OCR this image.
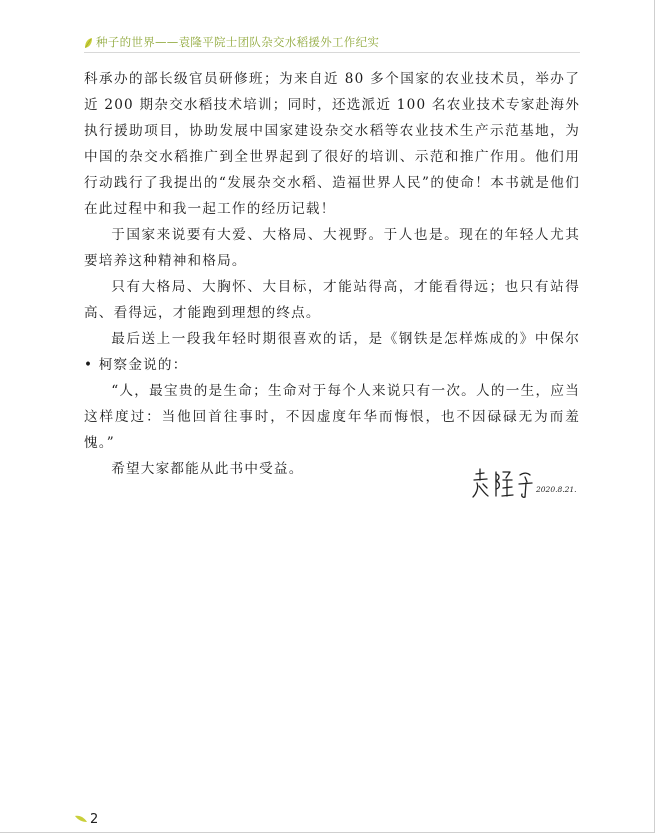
种子的世界——袁隆平院士团队杂交水稻援外工作纪实

科承办的部长级官员研修班；为来自近 80 多个国家的农业技术员，举办了近 200 期杂交水稻技术培训；同时，还选派近 100 名农业技术专家赴海外执行援助项目，协助发展中国家建设杂交水稻等农业技术生产示范基地，为中国的杂交水稻推广到全世界起到了很好的培训、示范和推广作用。他们用行动践行了我提出的“发展杂交水稻、造福世界人民”的使命！本书就是他们在此过程中和我一起工作的经历记载！

于国家来说要有大爱、大格局、大视野。于人也是。现在的年轻人尤其要培养这种精神和格局。

只有大格局、大胸怀、大目标，才能站得高，才能看得远；也只有站得高、看得远，才能跑到理想的终点。

最后送上一段我年轻时期很喜欢的话，是《钢铁是怎样炼成的》中保尔 • 柯察金说的：

“人，最宝贵的是生命；生命对于每个人来说只有一次。人的一生，应当这样度过：当他回首往事时，不因虚度年华而悔恨，也不因碌碌无为而羞愧。”

希望大家都能从此书中受益。

2020.8.21.
2
